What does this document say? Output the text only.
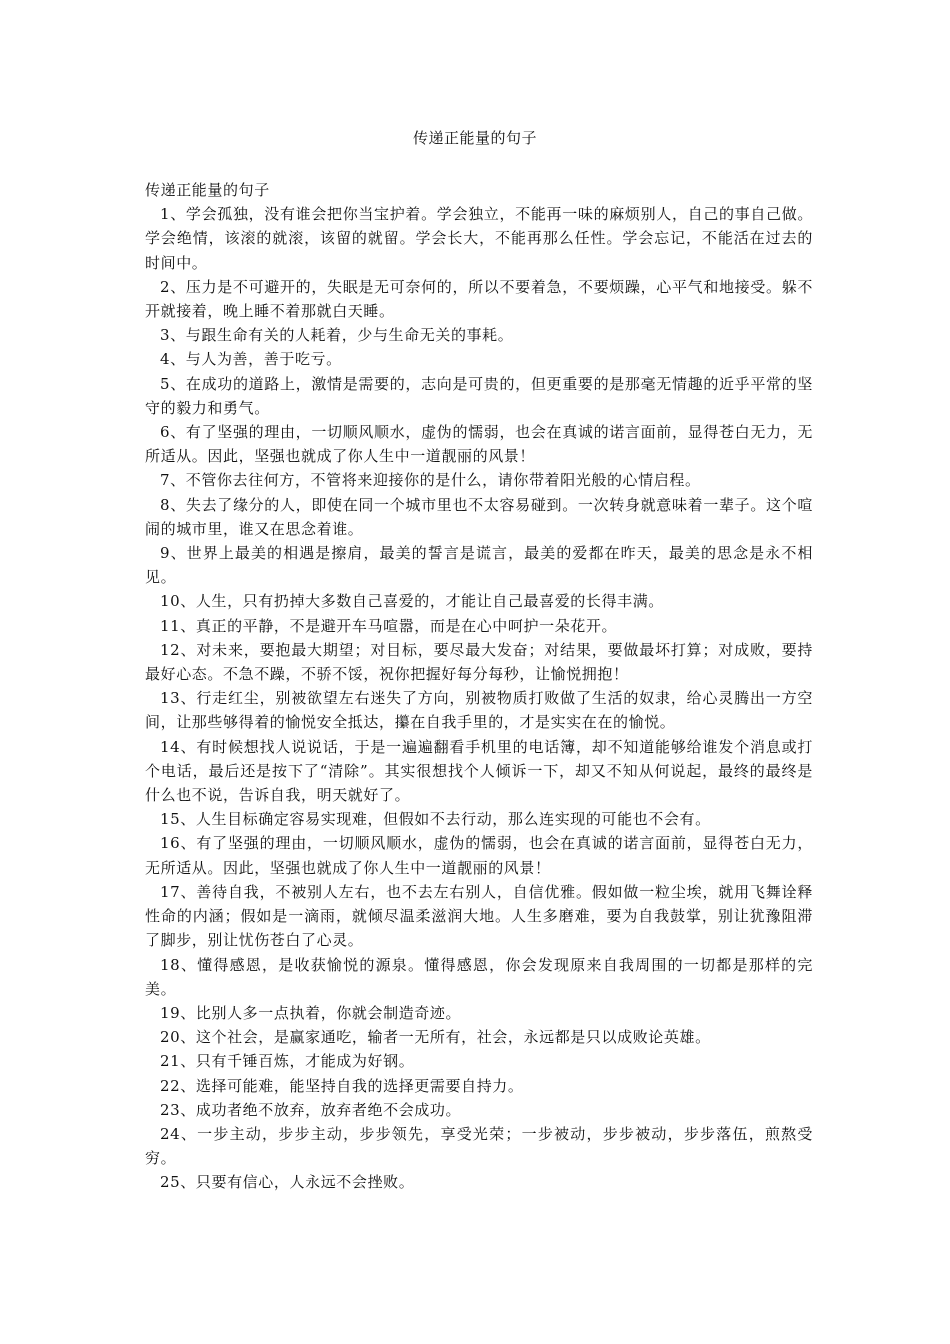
传递正能量的句子

传递正能量的句子

1、学会孤独，没有谁会把你当宝护着。学会独立，不能再一味的麻烦别人，自己的事自己做。学会绝情，该滚的就滚，该留的就留。学会长大，不能再那么任性。学会忘记，不能活在过去的时间中。
2、压力是不可避开的，失眠是无可奈何的，所以不要着急，不要烦躁，心平气和地接受。躲不开就接着，晚上睡不着那就白天睡。
3、与跟生命有关的人耗着，少与生命无关的事耗。
4、与人为善，善于吃亏。
5、在成功的道路上，激情是需要的，志向是可贵的，但更重要的是那毫无情趣的近乎平常的坚守的毅力和勇气。
6、有了坚强的理由，一切顺风顺水，虚伪的懦弱，也会在真诚的诺言面前，显得苍白无力，无所适从。因此，坚强也就成了你人生中一道靓丽的风景！
7、不管你去往何方，不管将来迎接你的是什么，请你带着阳光般的心情启程。
8、失去了缘分的人，即使在同一个城市里也不太容易碰到。一次转身就意味着一辈子。这个喧闹的城市里，谁又在思念着谁。
9、世界上最美的相遇是擦肩，最美的誓言是谎言，最美的爱都在昨天，最美的思念是永不相见。
10、人生，只有扔掉大多数自己喜爱的，才能让自己最喜爱的长得丰满。
11、真正的平静，不是避开车马喧嚣，而是在心中呵护一朵花开。
12、对未来，要抱最大期望；对目标，要尽最大发奋；对结果，要做最坏打算；对成败，要持最好心态。不急不躁，不骄不馁，祝你把握好每分每秒，让愉悦拥抱！
13、行走红尘，别被欲望左右迷失了方向，别被物质打败做了生活的奴隶，给心灵腾出一方空间，让那些够得着的愉悦安全抵达，攥在自我手里的，才是实实在在的愉悦。
14、有时候想找人说说话，于是一遍遍翻看手机里的电话簿，却不知道能够给谁发个消息或打个电话，最后还是按下了“清除”。其实很想找个人倾诉一下，却又不知从何说起，最终的最终是什么也不说，告诉自我，明天就好了。
15、人生目标确定容易实现难，但假如不去行动，那么连实现的可能也不会有。
16、有了坚强的理由，一切顺风顺水，虚伪的懦弱，也会在真诚的诺言面前，显得苍白无力，无所适从。因此，坚强也就成了你人生中一道靓丽的风景！
17、善待自我，不被别人左右，也不去左右别人，自信优雅。假如做一粒尘埃，就用飞舞诠释性命的内涵；假如是一滴雨，就倾尽温柔滋润大地。人生多磨难，要为自我鼓掌，别让犹豫阻滞了脚步，别让忧伤苍白了心灵。
18、懂得感恩，是收获愉悦的源泉。懂得感恩，你会发现原来自我周围的一切都是那样的完美。
19、比别人多一点执着，你就会制造奇迹。
20、这个社会，是赢家通吃，输者一无所有，社会，永远都是只以成败论英雄。
21、只有千锤百炼，才能成为好钢。
22、选择可能难，能坚持自我的选择更需要自持力。
23、成功者绝不放弃，放弃者绝不会成功。
24、一步主动，步步主动，步步领先，享受光荣；一步被动，步步被动，步步落伍，煎熬受穷。
25、只要有信心，人永远不会挫败。
